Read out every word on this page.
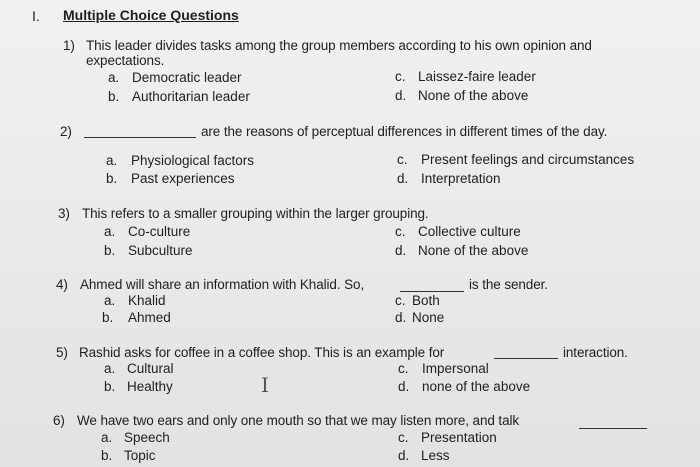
I. Multiple Choice Questions
1) This leader divides tasks among the group members according to his own opinion and
expectations.
a. Democratic leader
b. Authoritarian leader
c. Laissez-faire leader
d. None of the above
2)	are the reasons of perceptual differences in different times of the day.
a. Physiological factors
b. Past experiences
c. Present feelings and circumstances
d. Interpretation
3) This refers to a smaller grouping within the larger grouping.
a. Co-culture
b. Subculture
c. Collective culture
d. None of the above
4) Ahmed will share an information with Khalid. So,	is the sender.
a. Khalid
b. Ahmed
c. Both
d. None
5) Rashid asks for coffee in a coffee shop. This is an example for	interaction.
a. Cultural
b. Healthy
c. Impersonal
d. none of the above
I
6) We have two ears and only one mouth so that we may listen more, and talk
a. Speech
b. Topic
c. Presentation
d. Less
